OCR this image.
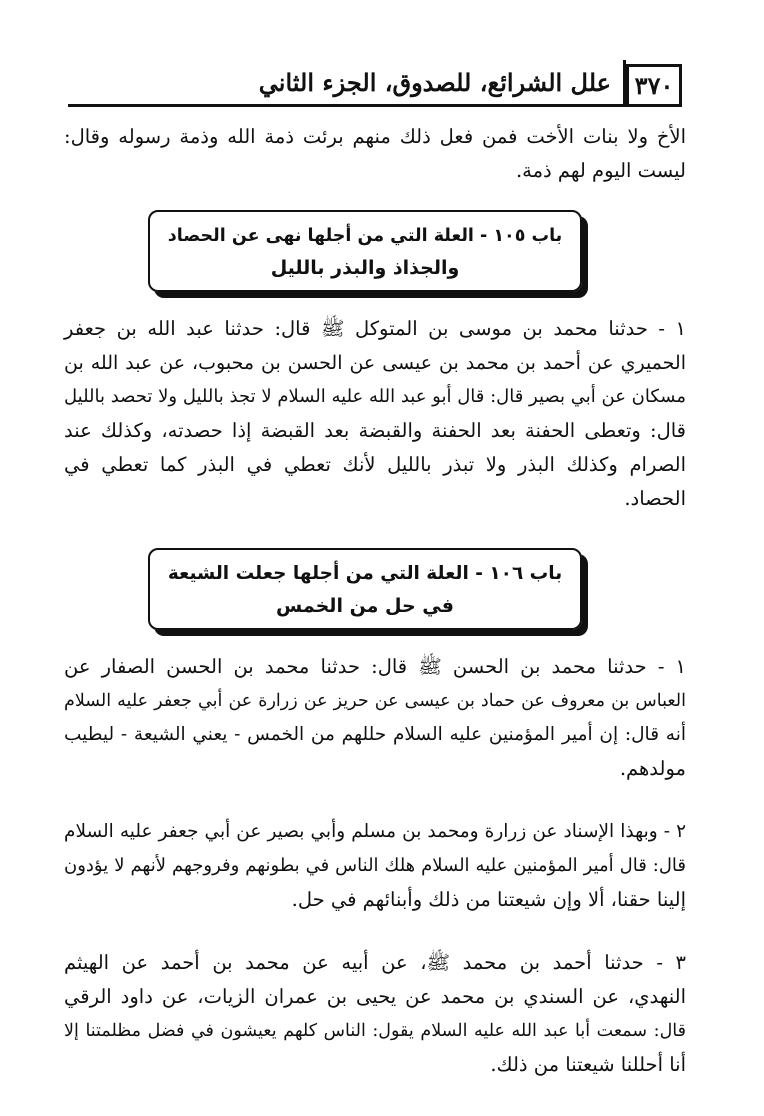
٣٧٠
علل الشرائع، للصدوق، الجزء الثاني
الأخ ولا بنات الأخت فمن فعل ذلك منهم برئت ذمة الله وذمة رسوله وقال:
ليست اليوم لهم ذمة.
باب ١٠٥ - العلة التي من أجلها نهى عن الحصاد
والجذاذ والبذر بالليل
١ - حدثنا محمد بن موسى بن المتوكل ﷺ قال: حدثنا عبد الله بن جعفر
الحميري عن أحمد بن محمد بن عيسى عن الحسن بن محبوب، عن عبد الله بن
مسكان عن أبي بصير قال: قال أبو عبد الله عليه السلام لا تجذ بالليل ولا تحصد بالليل
قال: وتعطى الحفنة بعد الحفنة والقبضة بعد القبضة إذا حصدته، وكذلك عند
الصرام وكذلك البذر ولا تبذر بالليل لأنك تعطي في البذر كما تعطي في
الحصاد.
باب ١٠٦ - العلة التي من أجلها جعلت الشيعة
في حل من الخمس
١ - حدثنا محمد بن الحسن ﷺ قال: حدثنا محمد بن الحسن الصفار عن
العباس بن معروف عن حماد بن عيسى عن حريز عن زرارة عن أبي جعفر عليه السلام
أنه قال: إن أمير المؤمنين عليه السلام حللهم من الخمس - يعني الشيعة - ليطيب
مولدهم.
٢ - وبهذا الإسناد عن زرارة ومحمد بن مسلم وأبي بصير عن أبي جعفر عليه السلام
قال: قال أمير المؤمنين عليه السلام هلك الناس في بطونهم وفروجهم لأنهم لا يؤدون
إلينا حقنا، ألا وإن شيعتنا من ذلك وأبنائهم في حل.
٣ - حدثنا أحمد بن محمد ﷺ، عن أبيه عن محمد بن أحمد عن الهيثم
النهدي، عن السندي بن محمد عن يحيى بن عمران الزيات، عن داود الرقي
قال: سمعت أبا عبد الله عليه السلام يقول: الناس كلهم يعيشون في فضل مظلمتنا إلا
أنا أحللنا شيعتنا من ذلك.
